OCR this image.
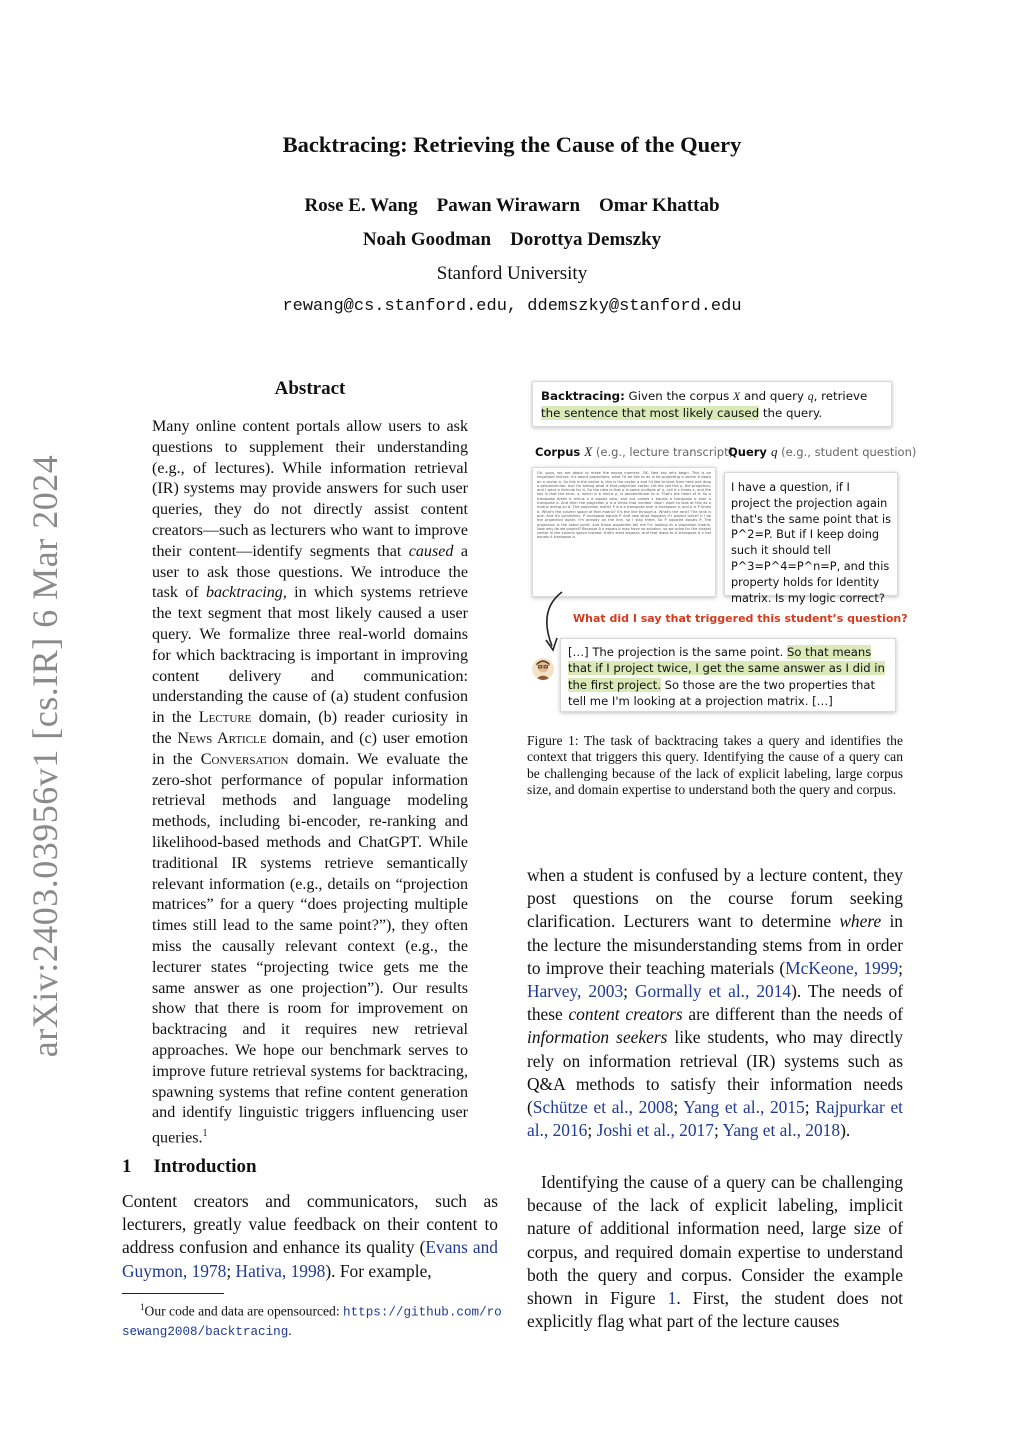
arXiv:2403.03956v1 [cs.IR] 6 Mar 2024
Backtracing: Retrieving the Cause of the Query
Rose E. Wang    Pawan Wirawarn    Omar Khattab
Noah Goodman    Dorottya Demszky
Stanford University
rewang@cs.stanford.edu, ddemszky@stanford.edu
Abstract
Many online content portals allow users to ask questions to supplement their understanding (e.g., of lectures). While information retrieval (IR) systems may provide answers for such user queries, they do not directly assist content creators—such as lecturers who want to improve their content—identify segments that caused a user to ask those questions. We introduce the task of backtracing, in which systems retrieve the text segment that most likely caused a user query. We formalize three real-world domains for which backtracing is important in improving content delivery and communication: understanding the cause of (a) student confusion in the Lecture domain, (b) reader curiosity in the News Article domain, and (c) user emotion in the Conversation domain. We evaluate the zero-shot performance of popular information retrieval methods and language modeling methods, including bi-encoder, re-ranking and likelihood-based methods and ChatGPT. While traditional IR systems retrieve semantically relevant information (e.g., details on “projection matrices” for a query “does projecting multiple times still lead to the same point?”), they often miss the causally relevant context (e.g., the lecturer states “projecting twice gets me the same answer as one projection”). Our results show that there is room for improvement on backtracing and it requires new retrieval approaches. We hope our benchmark serves to improve future retrieval systems for backtracing, spawning systems that refine content generation and identify linguistic triggers influencing user queries.$^1$
1 Introduction
Content creators and communicators, such as lecturers, greatly value feedback on their content to address confusion and enhance its quality (Evans and Guymon, 1978; Hativa, 1998). For example,
$^1$Our code and data are opensourced: https://github.com/rosewang2008/backtracing.
Backtracing: Given the corpus X and query q, retrieve the sentence that most likely caused the query.
Corpus X (e.g., lecture transcript)
Query q (e.g., student question)
Oh, guys, we are about to make the wrong moment. OK. Ned say let's begin. This is an important lecture, it's about projections, what I'd be like to do is be projecting a vector b down on a vector a. So this is the vector b, this is the vector a and I'd like to start from here and drop a perpendicular, and I'm asking what is that projection vector. Let me call this p, the projection, and I want a formula for it. So the idea is that p is some multiple of a, call it x times a, and the key is that the error, e, which is b minus p, is perpendicular to a. That's the heart of it. So a transpose times b minus x a equals zero, and out comes x equals a transpose b over a transpose a. And then the projection p is a times that number. Now I want to look at this as a matrix acting on b. The projection matrix P is a a transpose over a transpose a, and p is P times b. What's the column space of that matrix? It's the line through a. What's the rank? The rank is one. And it's symmetric, P transpose equals P. And now what happens if I project twice? If I do the projection again, I'm already on the line, so I stay there. So P squared equals P. The projection is the same point. And those properties tell me I'm looking at a projection matrix. Now why do we project? Because A x equals b may have no solution, so we solve for the closest vector in the column space instead, that's least squares, and that leads to A transpose A x hat equals A transpose b.
I have a question, if I project the projection again that's the same point that is P^2=P. But if I keep doing such it should tell P^3=P^4=P^n=P, and this property holds for Identity matrix. Is my logic correct?
What did I say that triggered this student’s question?
[…] The projection is the same point. So that means that if I project twice, I get the same answer as I did in the first project. So those are the two properties that tell me I'm looking at a projection matrix. […]
Figure 1: The task of backtracing takes a query and identifies the context that triggers this query. Identifying the cause of a query can be challenging because of the lack of explicit labeling, large corpus size, and domain expertise to understand both the query and corpus.
when a student is confused by a lecture content, they post questions on the course forum seeking clarification. Lecturers want to determine where in the lecture the misunderstanding stems from in order to improve their teaching materials (McKeone, 1999; Harvey, 2003; Gormally et al., 2014). The needs of these content creators are different than the needs of information seekers like students, who may directly rely on information retrieval (IR) systems such as Q&A methods to satisfy their information needs (Schütze et al., 2008; Yang et al., 2015; Rajpurkar et al., 2016; Joshi et al., 2017; Yang et al., 2018).
Identifying the cause of a query can be challenging because of the lack of explicit labeling, implicit nature of additional information need, large size of corpus, and required domain expertise to understand both the query and corpus. Consider the example shown in Figure 1. First, the student does not explicitly flag what part of the lecture causes
